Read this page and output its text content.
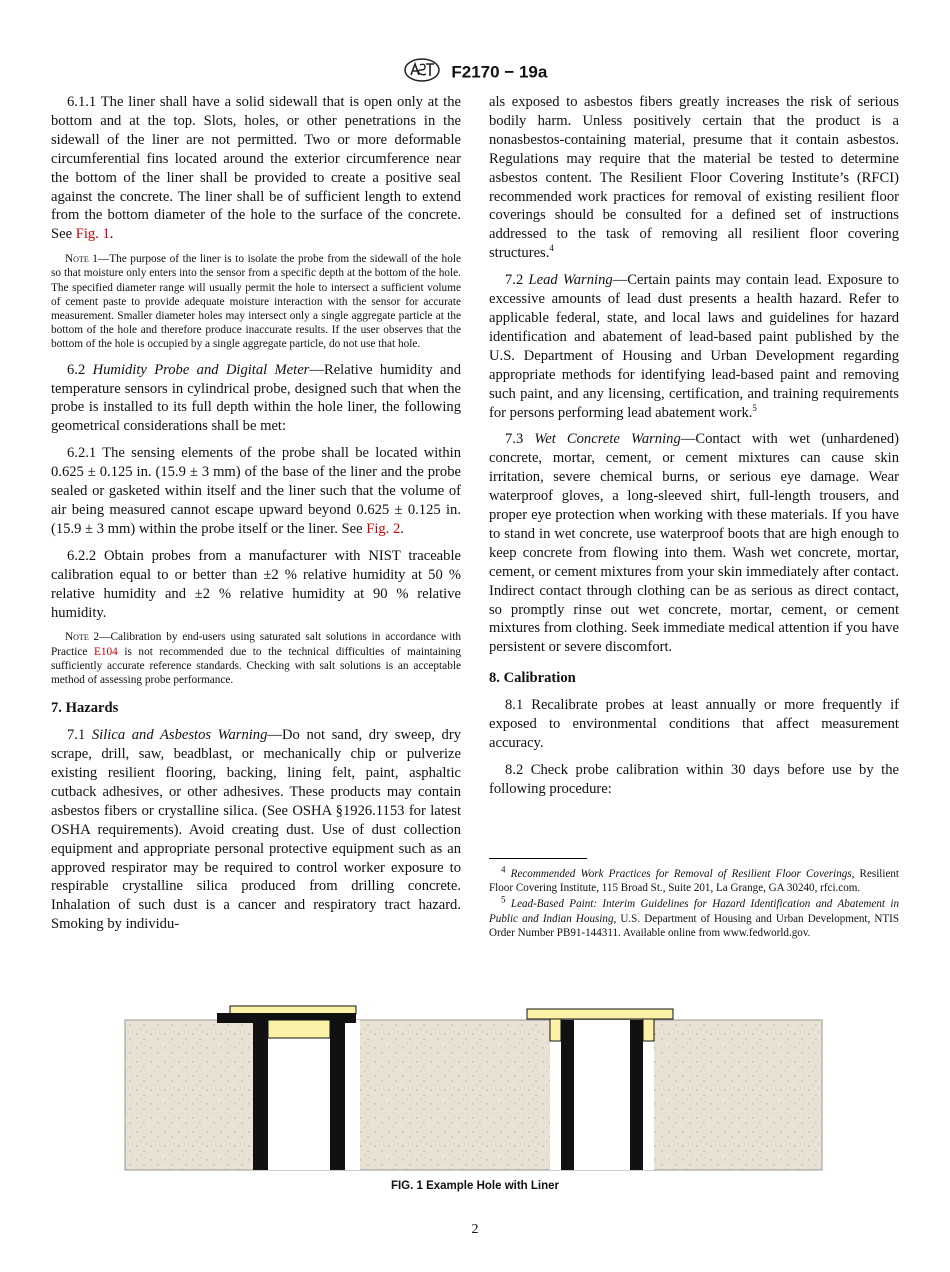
F2170 − 19a

6.1.1 The liner shall have a solid sidewall that is open only at the bottom and at the top. Slots, holes, or other penetrations in the sidewall of the liner are not permitted. Two or more deformable circumferential fins located around the exterior circumference near the bottom of the liner shall be provided to create a positive seal against the concrete. The liner shall be of sufficient length to extend from the bottom diameter of the hole to the surface of the concrete. See Fig. 1.

Note 1—The purpose of the liner is to isolate the probe from the sidewall of the hole so that moisture only enters into the sensor from a specific depth at the bottom of the hole. The specified diameter range will usually permit the hole to intersect a sufficient volume of cement paste to provide adequate moisture interaction with the sensor for accurate measurement. Smaller diameter holes may intersect only a single aggregate particle at the bottom of the hole and therefore produce inaccurate results. If the user observes that the bottom of the hole is occupied by a single aggregate particle, do not use that hole.

6.2 Humidity Probe and Digital Meter—Relative humidity and temperature sensors in cylindrical probe, designed such that when the probe is installed to its full depth within the hole liner, the following geometrical considerations shall be met:

6.2.1 The sensing elements of the probe shall be located within 0.625 ± 0.125 in. (15.9 ± 3 mm) of the base of the liner and the probe sealed or gasketed within itself and the liner such that the volume of air being measured cannot escape upward beyond 0.625 ± 0.125 in. (15.9 ± 3 mm) within the probe itself or the liner. See Fig. 2.

6.2.2 Obtain probes from a manufacturer with NIST traceable calibration equal to or better than ±2 % relative humidity at 50 % relative humidity and ±2 % relative humidity at 90 % relative humidity.

Note 2—Calibration by end-users using saturated salt solutions in accordance with Practice E104 is not recommended due to the technical difficulties of maintaining sufficiently accurate reference standards. Checking with salt solutions is an acceptable method of assessing probe performance.
7. Hazards

7.1 Silica and Asbestos Warning—Do not sand, dry sweep, dry scrape, drill, saw, beadblast, or mechanically chip or pulverize existing resilient flooring, backing, lining felt, paint, asphaltic cutback adhesives, or other adhesives. These products may contain asbestos fibers or crystalline silica. (See OSHA §1926.1153 for latest OSHA requirements). Avoid creating dust. Use of dust collection equipment and appropriate personal protective equipment such as an approved respirator may be required to control worker exposure to respirable crystalline silica produced from drilling concrete. Inhalation of such dust is a cancer and respiratory tract hazard. Smoking by individu-

als exposed to asbestos fibers greatly increases the risk of serious bodily harm. Unless positively certain that the product is a nonasbestos-containing material, presume that it contain asbestos. Regulations may require that the material be tested to determine asbestos content. The Resilient Floor Covering Institute’s (RFCI) recommended work practices for removal of existing resilient floor coverings should be consulted for a defined set of instructions addressed to the task of removing all resilient floor covering structures.$^4$

7.2 Lead Warning—Certain paints may contain lead. Exposure to excessive amounts of lead dust presents a health hazard. Refer to applicable federal, state, and local laws and guidelines for hazard identification and abatement of lead-based paint published by the U.S. Department of Housing and Urban Development regarding appropriate methods for identifying lead-based paint and removing such paint, and any licensing, certification, and training requirements for persons performing lead abatement work.$^5$

7.3 Wet Concrete Warning—Contact with wet (unhardened) concrete, mortar, cement, or cement mixtures can cause skin irritation, severe chemical burns, or serious eye damage. Wear waterproof gloves, a long-sleeved shirt, full-length trousers, and proper eye protection when working with these materials. If you have to stand in wet concrete, use waterproof boots that are high enough to keep concrete from flowing into them. Wash wet concrete, mortar, cement, or cement mixtures from your skin immediately after contact. Indirect contact through clothing can be as serious as direct contact, so promptly rinse out wet concrete, mortar, cement, or cement mixtures from clothing. Seek immediate medical attention if you have persistent or severe discomfort.

8. Calibration

8.1 Recalibrate probes at least annually or more frequently if exposed to environmental conditions that affect measurement accuracy.

8.2 Check probe calibration within 30 days before use by the following procedure:

$^4$ Recommended Work Practices for Removal of Resilient Floor Coverings, Resilient Floor Covering Institute, 115 Broad St., Suite 201, La Grange, GA 30240, rfci.com.

$^5$ Lead-Based Paint: Interim Guidelines for Hazard Identification and Abatement in Public and Indian Housing, U.S. Department of Housing and Urban Development, NTIS Order Number PB91-144311. Available online from www.fedworld.gov.

FIG. 1 Example Hole with Liner
2
